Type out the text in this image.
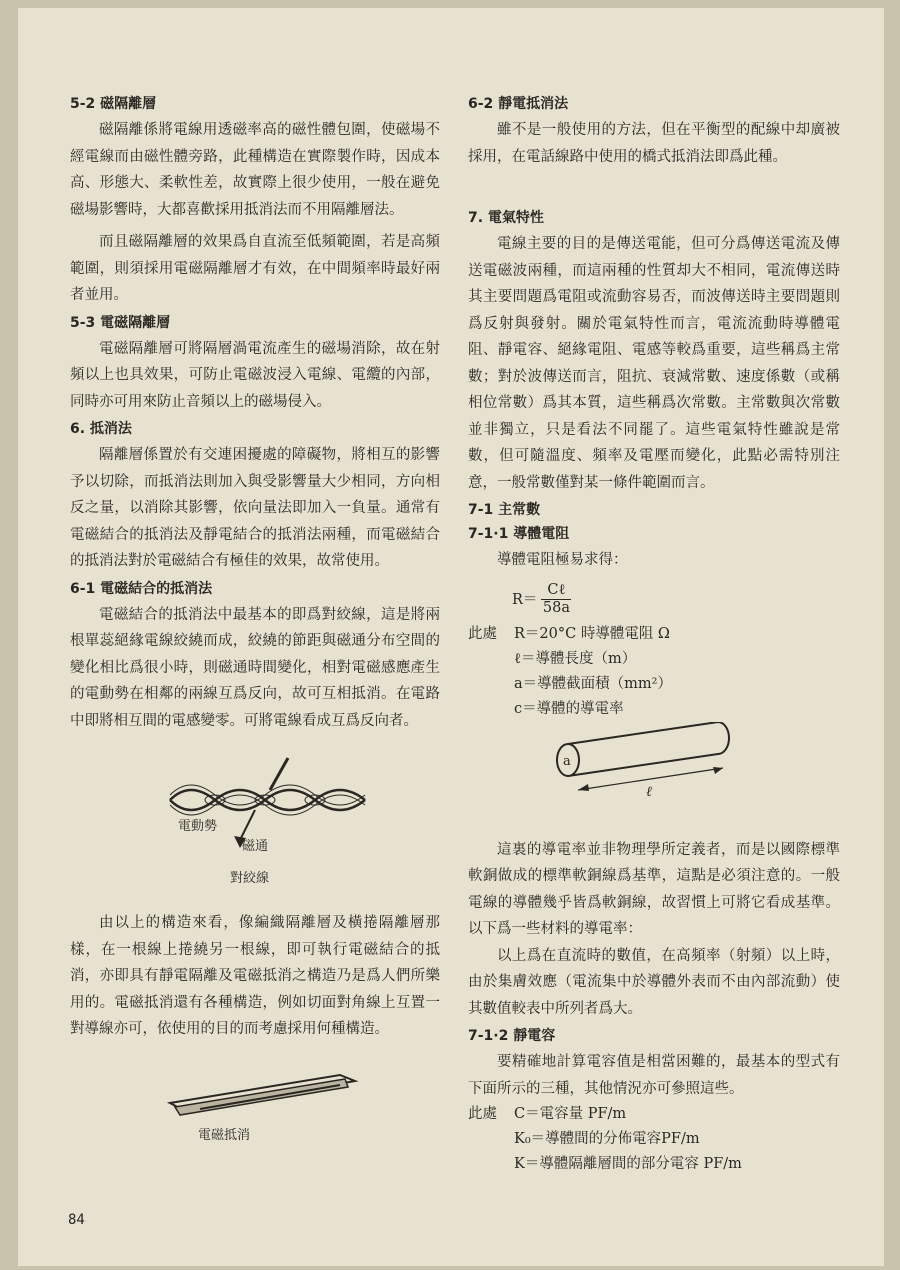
5-2 磁隔離層

磁隔離係將電線用透磁率高的磁性體包圍，使磁場不經電線而由磁性體旁路，此種構造在實際製作時，因成本高、形態大、柔軟性差，故實際上很少使用，一般在避免磁場影響時，大都喜歡採用抵消法而不用隔離層法。

而且磁隔離層的效果爲自直流至低頻範圍，若是高頻範圍，則須採用電磁隔離層才有效，在中間頻率時最好兩者並用。

5-3 電磁隔離層

電磁隔離層可將隔層渦電流產生的磁場消除，故在射頻以上也具效果，可防止電磁波浸入電線、電纜的內部，同時亦可用來防止音頻以上的磁場侵入。

6. 抵消法

隔離層係置於有交連困擾處的障礙物，將相互的影響予以切除，而抵消法則加入與受影響量大少相同，方向相反之量，以消除其影響，依向量法即加入一負量。通常有電磁結合的抵消法及靜電結合的抵消法兩種，而電磁結合的抵消法對於電磁結合有極佳的效果，故常使用。

6-1 電磁結合的抵消法

電磁結合的抵消法中最基本的即爲對絞線，這是將兩根單蕊絕緣電線絞繞而成，絞繞的節距與磁通分布空間的變化相比爲很小時，則磁通時間變化，相對電磁感應產生的電動勢在相鄰的兩線互爲反向，故可互相抵消。在電路中即將相互間的電感變零。可將電線看成互爲反向者。

電動勢
磁通
對絞線

由以上的構造來看，像編織隔離層及橫捲隔離層那樣，在一根線上捲繞另一根線，即可執行電磁結合的抵消，亦即具有靜電隔離及電磁抵消之構造乃是爲人們所樂用的。電磁抵消還有各種構造，例如切面對角線上互置一對導線亦可，依使用的目的而考慮採用何種構造。

電磁抵消
6-2 靜電抵消法

雖不是一般使用的方法，但在平衡型的配線中却廣被採用，在電話線路中使用的橋式抵消法即爲此種。

7. 電氣特性

電線主要的目的是傳送電能，但可分爲傳送電流及傳送電磁波兩種，而這兩種的性質却大不相同，電流傳送時其主要問題爲電阻或流動容易否，而波傳送時主要問題則爲反射與發射。關於電氣特性而言，電流流動時導體電阻、靜電容、絕緣電阻、電感等較爲重要，這些稱爲主常數；對於波傳送而言，阻抗、衰減常數、速度係數（或稱相位常數）爲其本質，這些稱爲次常數。主常數與次常數並非獨立，只是看法不同罷了。這些電氣特性雖說是常數，但可隨溫度、頻率及電壓而變化，此點必需特別注意，一般常數僅對某一條件範圍而言。

7-1 主常數
7-1·1 導體電阻

導體電阻極易求得：

$R= \frac{\text{Cℓ}}{58a}$
此處	R＝20°C 時導體電阻 Ω
ℓ＝導體長度（m）
a＝導體截面積（mm²）
c＝導體的導電率
a
ℓ

這裏的導電率並非物理學所定義者，而是以國際標準軟銅做成的標準軟銅線爲基準，這點是必須注意的。一般電線的導體幾乎皆爲軟銅線，故習慣上可將它看成基準。以下爲一些材料的導電率：

以上爲在直流時的數值，在高頻率（射頻）以上時，由於集膚效應（電流集中於導體外表而不由內部流動）使其數值較表中所列者爲大。

7-1·2 靜電容

要精確地計算電容值是相當困難的，最基本的型式有下面所示的三種，其他情況亦可參照這些。

此處	C＝電容量 PF/m
K₀＝導體間的分佈電容PF/m
K＝導體隔離層間的部分電容 PF/m
84
